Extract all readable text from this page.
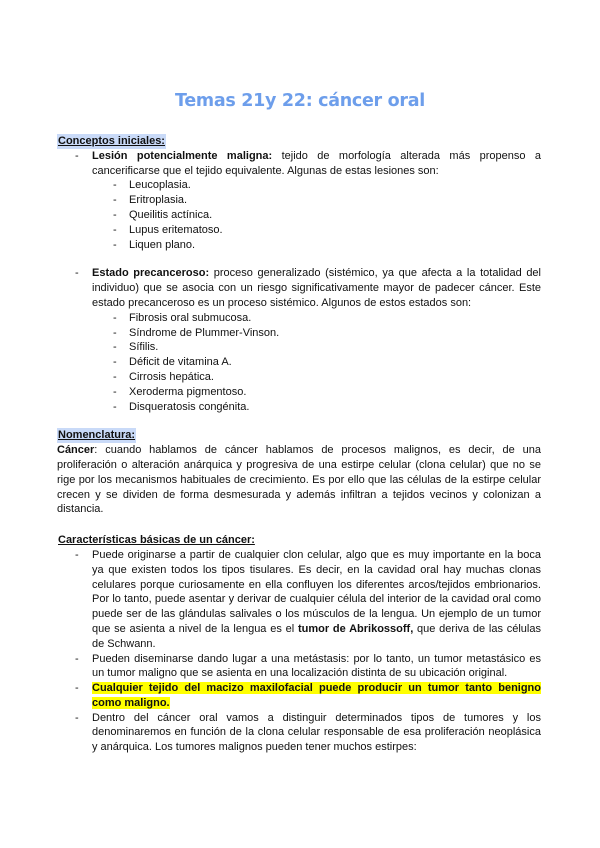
Temas 21y 22: cáncer oral
Conceptos iniciales:
- Lesión potencialmente maligna: tejido de morfología alterada más propenso a cancerificarse que el tejido equivalente. Algunas de estas lesiones son:
- Leucoplasia.
- Eritroplasia.
- Queilitis actínica.
- Lupus eritematoso.
- Liquen plano.
- Estado precanceroso: proceso generalizado (sistémico, ya que afecta a la totalidad del individuo) que se asocia con un riesgo significativamente mayor de padecer cáncer. Este estado precanceroso es un proceso sistémico. Algunos de estos estados son:
- Fibrosis oral submucosa.
- Síndrome de Plummer-Vinson.
- Sífilis.
- Déficit de vitamina A.
- Cirrosis hepática.
- Xeroderma pigmentoso.
- Disqueratosis congénita.
Nomenclatura:
Cáncer: cuando hablamos de cáncer hablamos de procesos malignos, es decir, de una proliferación o alteración anárquica y progresiva de una estirpe celular (clona celular) que no se rige por los mecanismos habituales de crecimiento. Es por ello que las células de la estirpe celular crecen y se dividen de forma desmesurada y además infiltran a tejidos vecinos y colonizan a distancia.
Características básicas de un cáncer:
- Puede originarse a partir de cualquier clon celular, algo que es muy importante en la boca ya que existen todos los tipos tisulares. Es decir, en la cavidad oral hay muchas clonas celulares porque curiosamente en ella confluyen los diferentes arcos/tejidos embrionarios. Por lo tanto, puede asentar y derivar de cualquier célula del interior de la cavidad oral como puede ser de las glándulas salivales o los músculos de la lengua. Un ejemplo de un tumor que se asienta a nivel de la lengua es el tumor de Abrikossoff, que deriva de las células de Schwann.
- Pueden diseminarse dando lugar a una metástasis: por lo tanto, un tumor metastásico es un tumor maligno que se asienta en una localización distinta de su ubicación original.
- Cualquier tejido del macizo maxilofacial puede producir un tumor tanto benigno como maligno.
- Dentro del cáncer oral vamos a distinguir determinados tipos de tumores y los denominaremos en función de la clona celular responsable de esa proliferación neoplásica y anárquica. Los tumores malignos pueden tener muchos estirpes:
